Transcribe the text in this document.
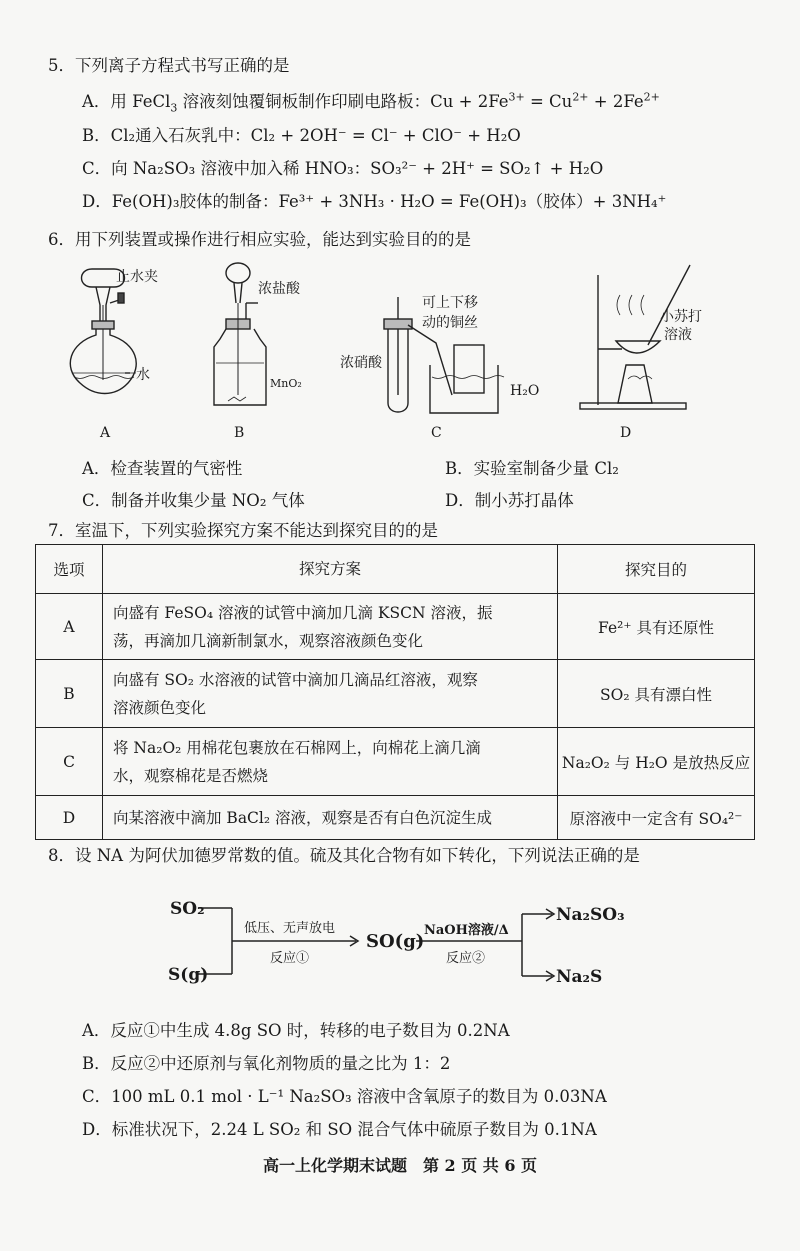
5．下列离子方程式书写正确的是
A．用 FeCl$_3$ 溶液刻蚀覆铜板制作印刷电路板：$Cu + 2Fe^{3+} = Cu^{2+} + 2Fe^{2+}$
B．Cl₂通入石灰乳中：Cl₂ + 2OH⁻ = Cl⁻ + ClO⁻ + H₂O
C．向 Na₂SO₃ 溶液中加入稀 HNO₃：SO₃²⁻ + 2H⁺ = SO₂↑ + H₂O
D．Fe(OH)₃胶体的制备：Fe³⁺ + 3NH₃ · H₂O = Fe(OH)₃（胶体）+ 3NH₄⁺
6．用下列装置或操作进行相应实验，能达到实验目的的是
止水夹
水
浓盐酸
MnO₂
可上下移
动的铜丝
浓硝酸
H₂O
小苏打
溶液
A	B	C	D
A．检查装置的气密性	B．实验室制备少量 Cl₂
C．制备并收集少量 NO₂ 气体	D．制小苏打晶体
7．室温下，下列实验探究方案不能达到探究目的的是
选项	探究方案	探究目的
A	向盛有 FeSO₄ 溶液的试管中滴加几滴 KSCN 溶液，振
荡，再滴加几滴新制氯水，观察溶液颜色变化	Fe²⁺ 具有还原性
B	向盛有 SO₂ 水溶液的试管中滴加几滴品红溶液，观察
溶液颜色变化	SO₂ 具有漂白性
C	将 Na₂O₂ 用棉花包裹放在石棉网上，向棉花上滴几滴
水，观察棉花是否燃烧	Na₂O₂ 与 H₂O 是放热反应
D	向某溶液中滴加 BaCl₂ 溶液，观察是否有白色沉淀生成	原溶液中一定含有 SO₄²⁻
8．设 NA 为阿伏加德罗常数的值。硫及其化合物有如下转化，下列说法正确的是
SO₂
S(g)
SO(g)
Na₂SO₃
Na₂S
低压、无声放电
反应①
NaOH溶液/Δ
反应②
A．反应①中生成 4.8g SO 时，转移的电子数目为 0.2NA
B．反应②中还原剂与氧化剂物质的量之比为 1：2
C．100 mL 0.1 mol · L⁻¹ Na₂SO₃ 溶液中含氧原子的数目为 0.03NA
D．标准状况下，2.24 L SO₂ 和 SO 混合气体中硫原子数目为 0.1NA
高一上化学期末试题　第 2 页 共 6 页
